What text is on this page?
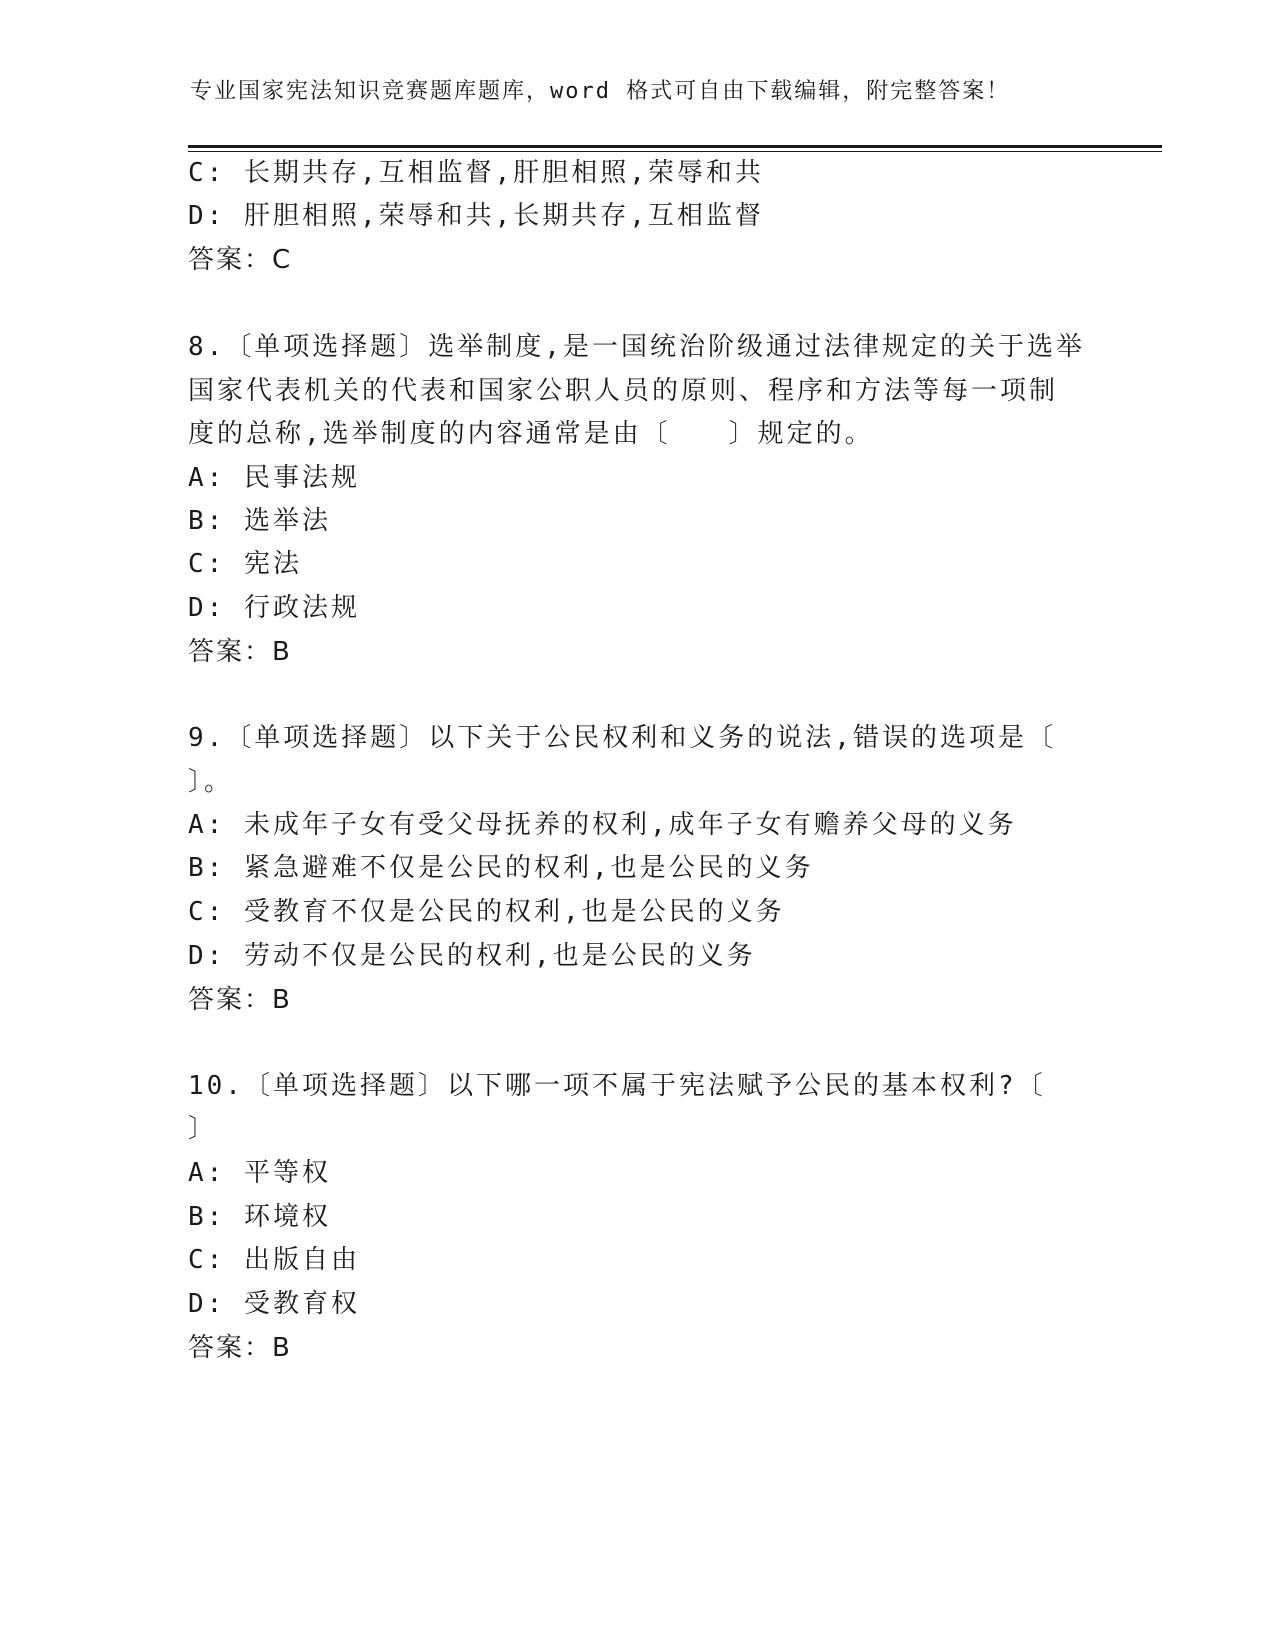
专业国家宪法知识竞赛题库题库，word 格式可自由下载编辑，附完整答案！
C: 长期共存,互相监督,肝胆相照,荣辱和共
D: 肝胆相照,荣辱和共,长期共存,互相监督
答案：C
8.〔单项选择题〕选举制度,是一国统治阶级通过法律规定的关于选举
国家代表机关的代表和国家公职人员的原则、程序和方法等每一项制
度的总称,选举制度的内容通常是由〔　　〕规定的。
A: 民事法规
B: 选举法
C: 宪法
D: 行政法规
答案：B
9.〔单项选择题〕以下关于公民权利和义务的说法,错误的选项是〔
〕。
A: 未成年子女有受父母抚养的权利,成年子女有赡养父母的义务
B: 紧急避难不仅是公民的权利,也是公民的义务
C: 受教育不仅是公民的权利,也是公民的义务
D: 劳动不仅是公民的权利,也是公民的义务
答案：B
10.〔单项选择题〕以下哪一项不属于宪法赋予公民的基本权利?〔
〕
A: 平等权
B: 环境权
C: 出版自由
D: 受教育权
答案：B
